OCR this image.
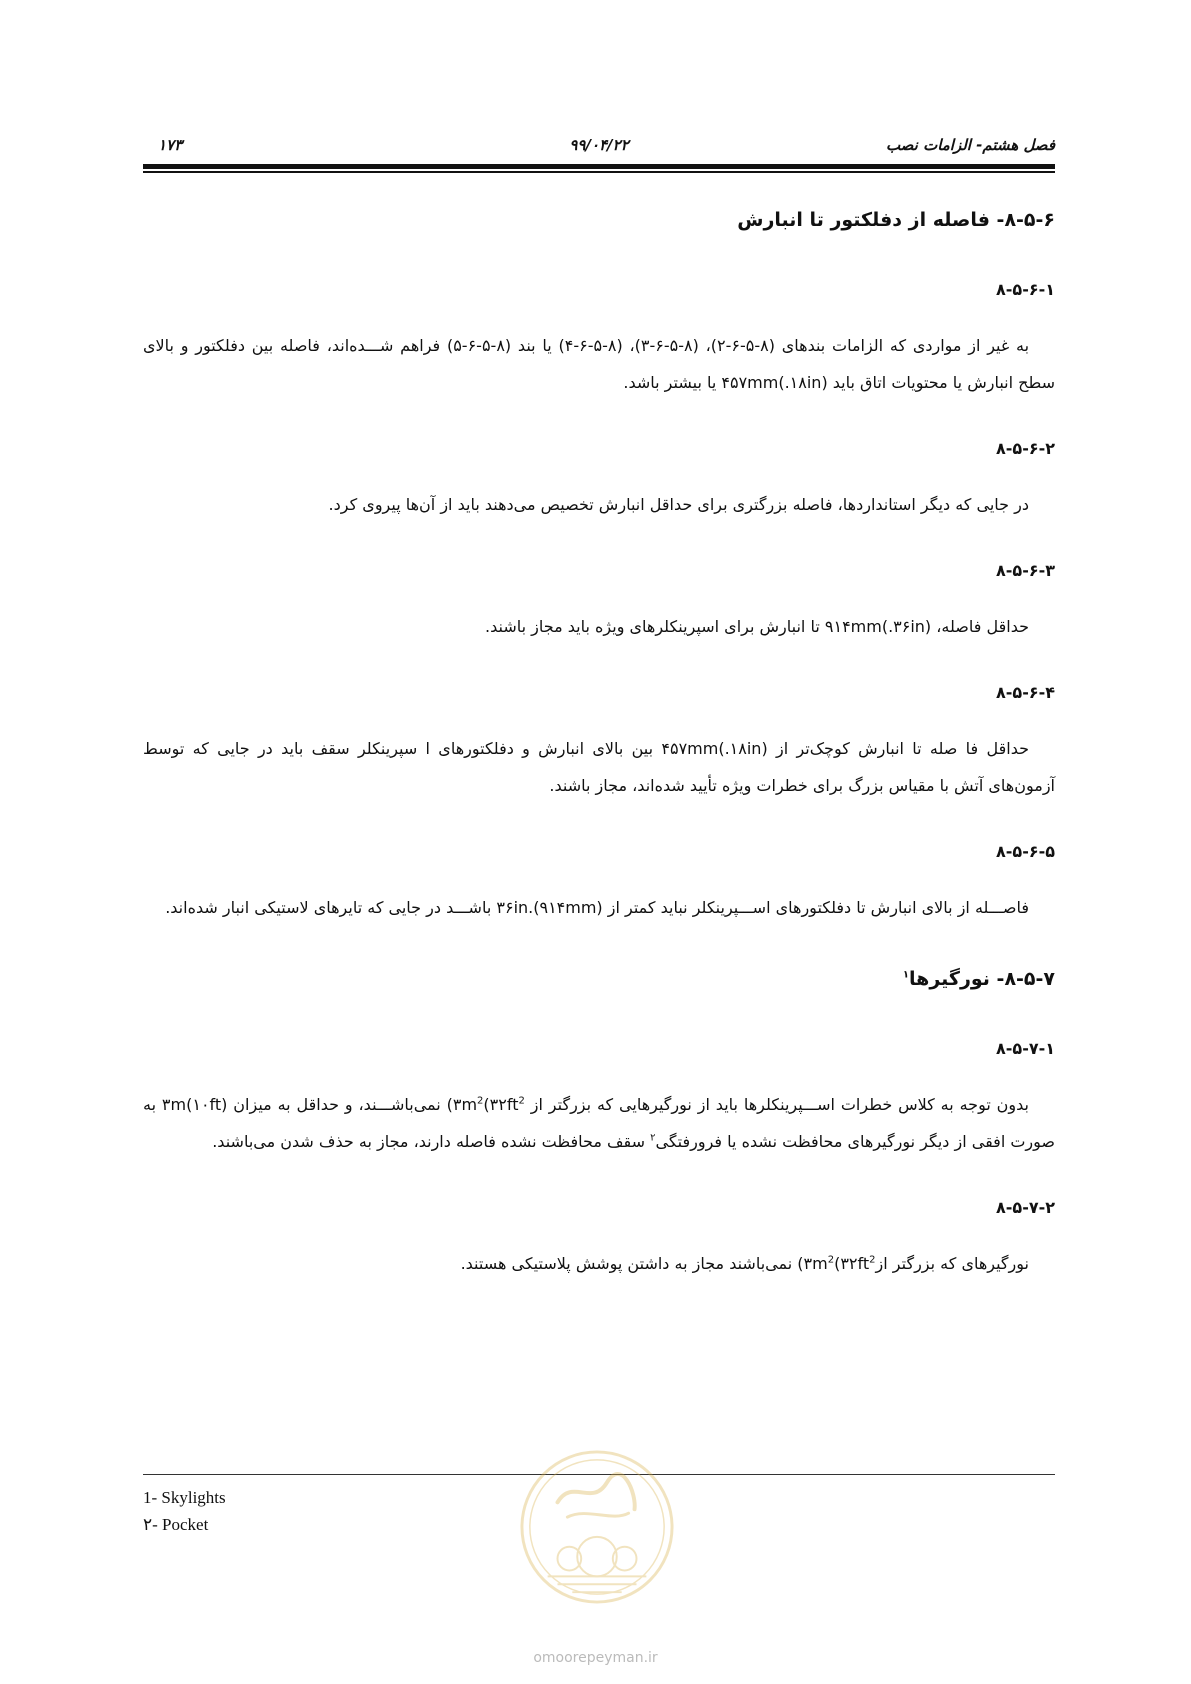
فصل هشتم- الزامات نصب
۹۹/۰۴/۲۲
۱۷۳
۸-۵-۶- فاصله از دفلکتور تا انبارش
۸-۵-۶-۱

به غیر از مواردی که الزامات بندهای (۸-۵-۶-۲)، (۸-۵-۶-۳)، (۸-۵-۶-۴) یا بند (۸-۵-۶-۵) فراهم شـــده‌اند، فاصله بین دفلکتور و بالای سطح انبارش یا محتویات اتاق باید ۴۵۷mm(.۱۸in) یا بیشتر باشد.

۸-۵-۶-۲

در جایی که دیگر استانداردها، فاصله بزرگتری برای حداقل انبارش تخصیص می‌دهند باید از آن‌ها پیروی کرد.

۸-۵-۶-۳

حداقل فاصله، ۹۱۴mm(.۳۶in) تا انبارش برای اسپرینکلرهای ویژه باید مجاز باشند.

۸-۵-۶-۴

حداقل فا صله تا انبارش کوچک‌تر از ۴۵۷mm(.۱۸in) بین بالای انبارش و دفلکتورهای ا سپرینکلر سقف باید در جایی که توسط آزمون‌های آتش با مقیاس بزرگ برای خطرات ویژه تأیید شده‌اند، مجاز باشند.

۸-۵-۶-۵

فاصـــله از بالای انبارش تا دفلکتورهای اســـپرینکلر نباید کمتر از ۳۶in.(۹۱۴mm) باشـــد در جایی که تایرهای لاستیکی انبار شده‌اند.

۸-۵-۷- نورگیرها$^۱$
۸-۵-۷-۱

بدون توجه به کلاس خطرات اســـپرینکلرها باید از نورگیرهایی که بزرگتر از $۳m^2(۳۲ft^2)$ نمی‌باشـــند، و حداقل به میزان ۳m(۱۰ft) به صورت افقی از دیگر نورگیرهای محافظت نشده یا فرورفتگی$^۲$ سقف محافظت نشده فاصله دارند، مجاز به حذف شدن می‌باشند.

۸-۵-۷-۲

نورگیرهای که بزرگتر $از۳m^2(۳۲ft^2)$ نمی‌باشند مجاز به داشتن پوشش پلاستیکی هستند.

1- Skylights
۲- Pocket
omoorepeyman.ir
